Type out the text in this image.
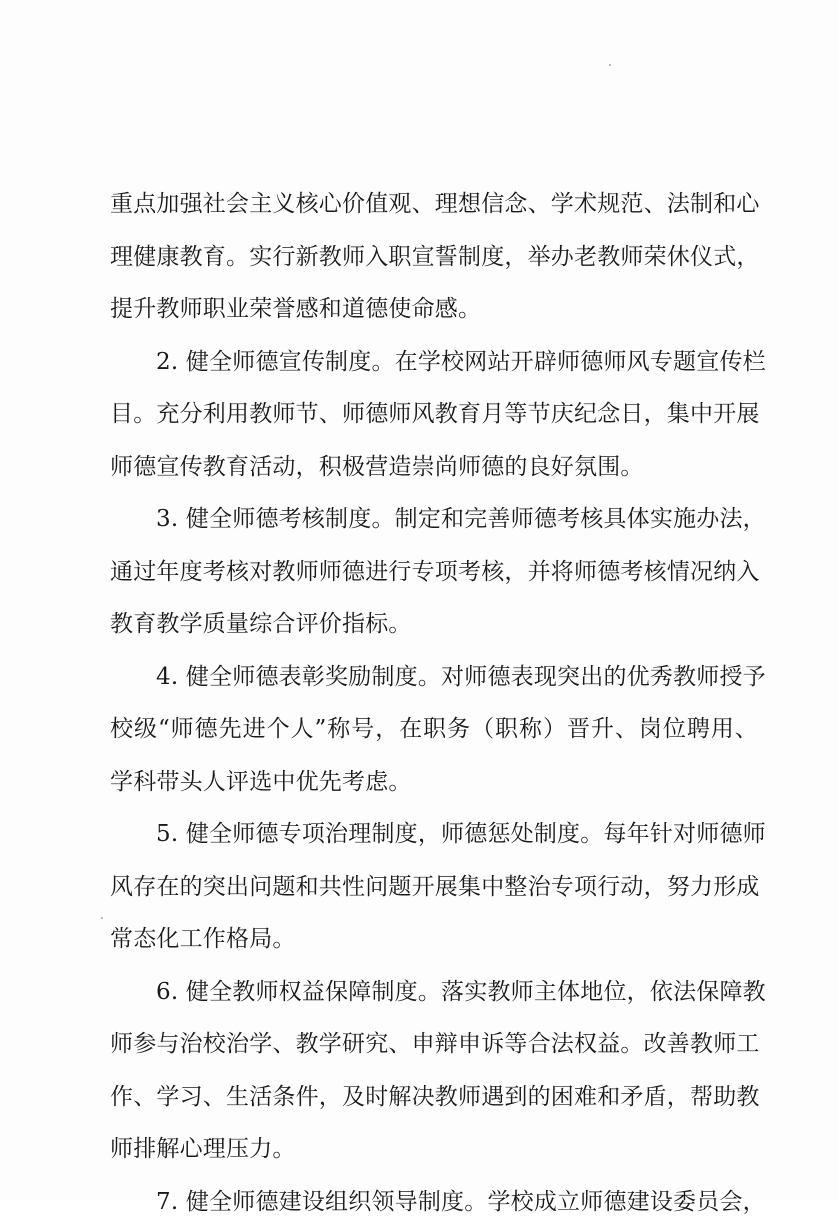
重点加强社会主义核心价值观、理想信念、学术规范、法制和心
理健康教育。实行新教师入职宣誓制度，举办老教师荣休仪式，
提升教师职业荣誉感和道德使命感。
2. 健全师德宣传制度。在学校网站开辟师德师风专题宣传栏
目。充分利用教师节、师德师风教育月等节庆纪念日，集中开展
师德宣传教育活动，积极营造崇尚师德的良好氛围。
3. 健全师德考核制度。制定和完善师德考核具体实施办法，
通过年度考核对教师师德进行专项考核，并将师德考核情况纳入
教育教学质量综合评价指标。
4. 健全师德表彰奖励制度。对师德表现突出的优秀教师授予
校级“师德先进个人”称号，在职务（职称）晋升、岗位聘用、
学科带头人评选中优先考虑。
5. 健全师德专项治理制度，师德惩处制度。每年针对师德师
风存在的突出问题和共性问题开展集中整治专项行动，努力形成
常态化工作格局。
6. 健全教师权益保障制度。落实教师主体地位，依法保障教
师参与治校治学、教学研究、申辩申诉等合法权益。改善教师工
作、学习、生活条件，及时解决教师遇到的困难和矛盾，帮助教
师排解心理压力。
7. 健全师德建设组织领导制度。学校成立师德建设委员会，
